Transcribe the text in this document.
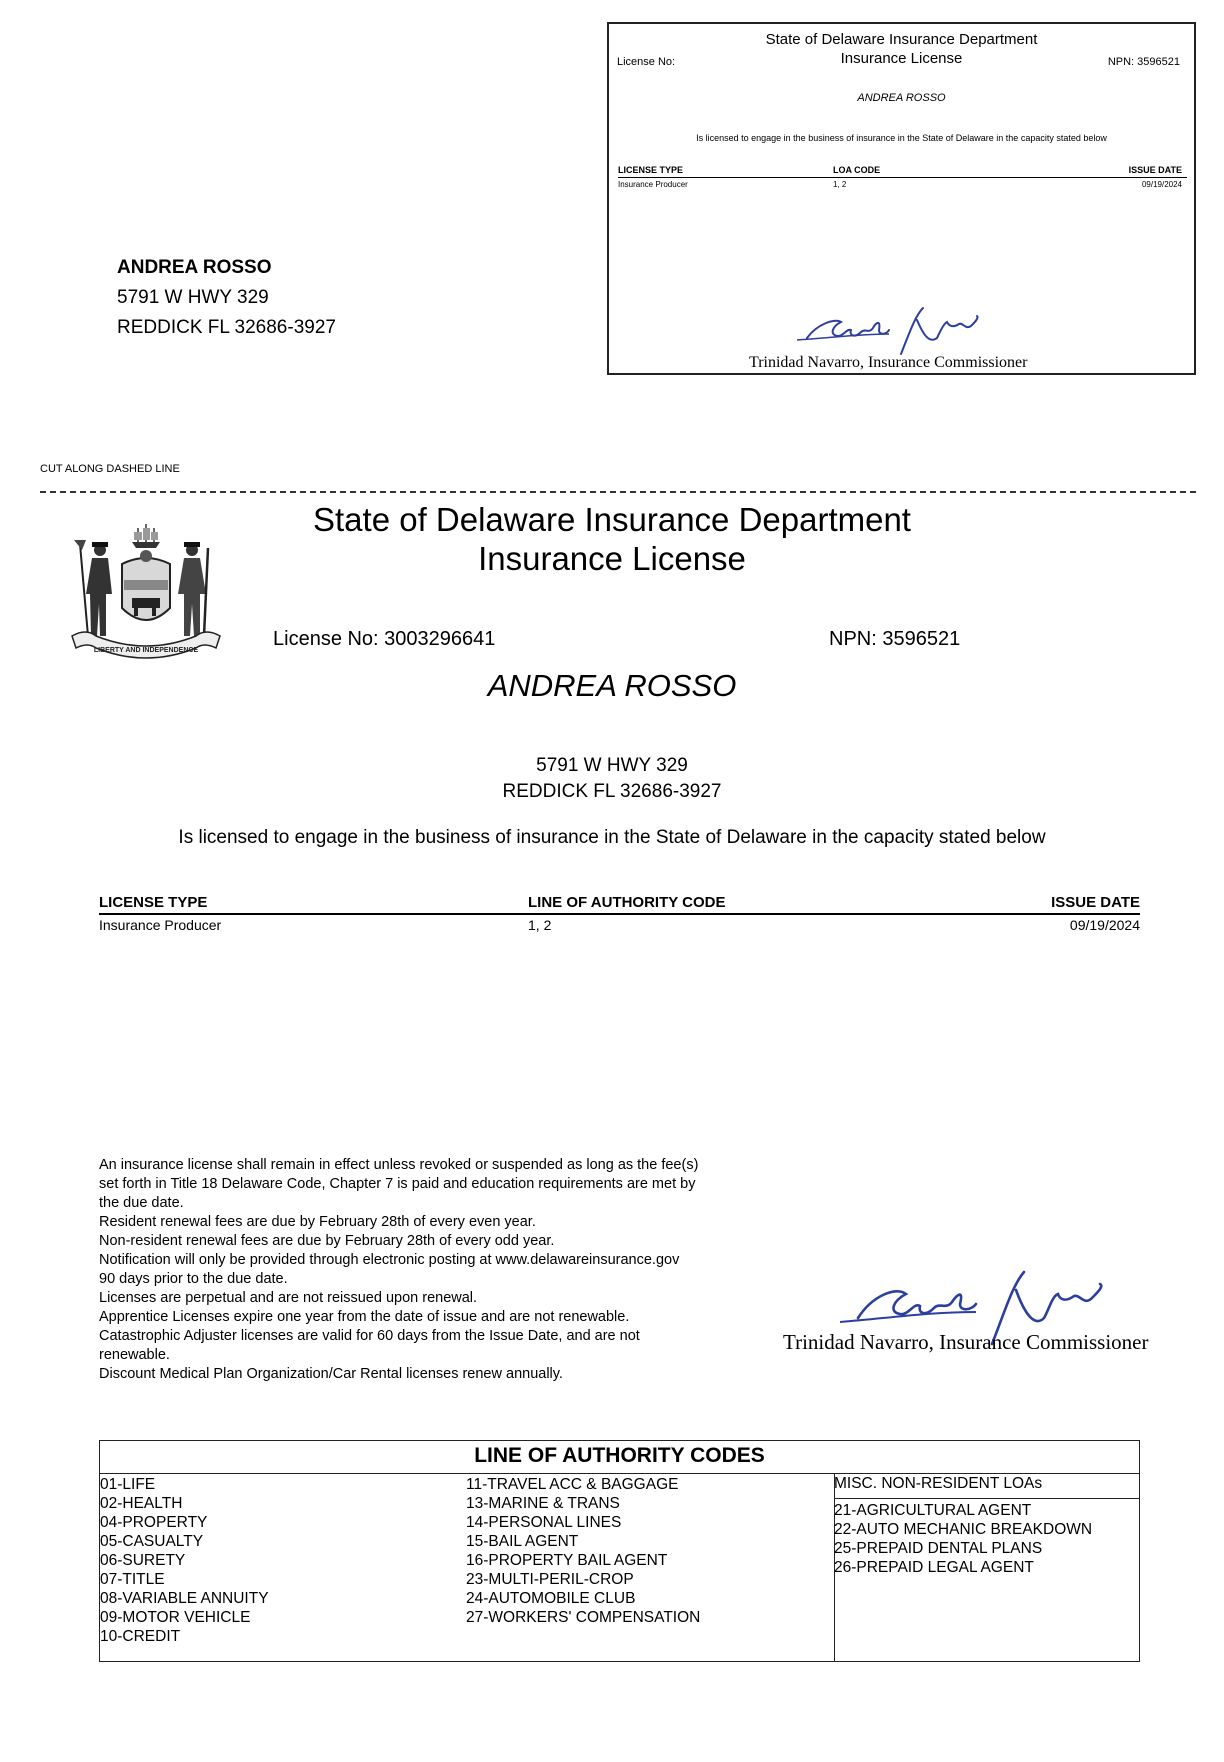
State of Delaware Insurance Department
Insurance License
License No:	NPN: 3596521
ANDREA ROSSO
Is licensed to engage in the business of insurance in the State of Delaware in the capacity stated below
LICENSE TYPE	LOA CODE	ISSUE DATE
Insurance Producer	1, 2	09/19/2024
Trinidad Navarro, Insurance Commissioner
ANDREA ROSSO
5791 W HWY 329
REDDICK FL 32686-3927
CUT ALONG DASHED LINE
LIBERTY AND INDEPENDENCE
State of Delaware Insurance Department
Insurance License
License No: 3003296641	NPN: 3596521
ANDREA ROSSO
5791 W HWY 329
REDDICK FL 32686-3927
Is licensed to engage in the business of insurance in the State of Delaware in the capacity stated below
LICENSE TYPE	LINE OF AUTHORITY CODE	ISSUE DATE
Insurance Producer	1, 2	09/19/2024
An insurance license shall remain in effect unless revoked or suspended as long as the fee(s)
set forth in Title 18 Delaware Code, Chapter 7 is paid and education requirements are met by
the due date.
Resident renewal fees are due by February 28th of every even year.
Non-resident renewal fees are due by February 28th of every odd year.
Notification will only be provided through electronic posting at www.delawareinsurance.gov
90 days prior to the due date.
Licenses are perpetual and are not reissued upon renewal.
Apprentice Licenses expire one year from the date of issue and are not renewable.
Catastrophic Adjuster licenses are valid for 60 days from the Issue Date, and are not
renewable.
Discount Medical Plan Organization/Car Rental licenses renew annually.
Trinidad Navarro, Insurance Commissioner
LINE OF AUTHORITY CODES
01-LIFE
02-HEALTH
04-PROPERTY
05-CASUALTY
06-SURETY
07-TITLE
08-VARIABLE ANNUITY
09-MOTOR VEHICLE
10-CREDIT
11-TRAVEL ACC & BAGGAGE
13-MARINE & TRANS
14-PERSONAL LINES
15-BAIL AGENT
16-PROPERTY BAIL AGENT
23-MULTI-PERIL-CROP
24-AUTOMOBILE CLUB
27-WORKERS' COMPENSATION
MISC. NON-RESIDENT LOAs
21-AGRICULTURAL AGENT
22-AUTO MECHANIC BREAKDOWN
25-PREPAID DENTAL PLANS
26-PREPAID LEGAL AGENT
